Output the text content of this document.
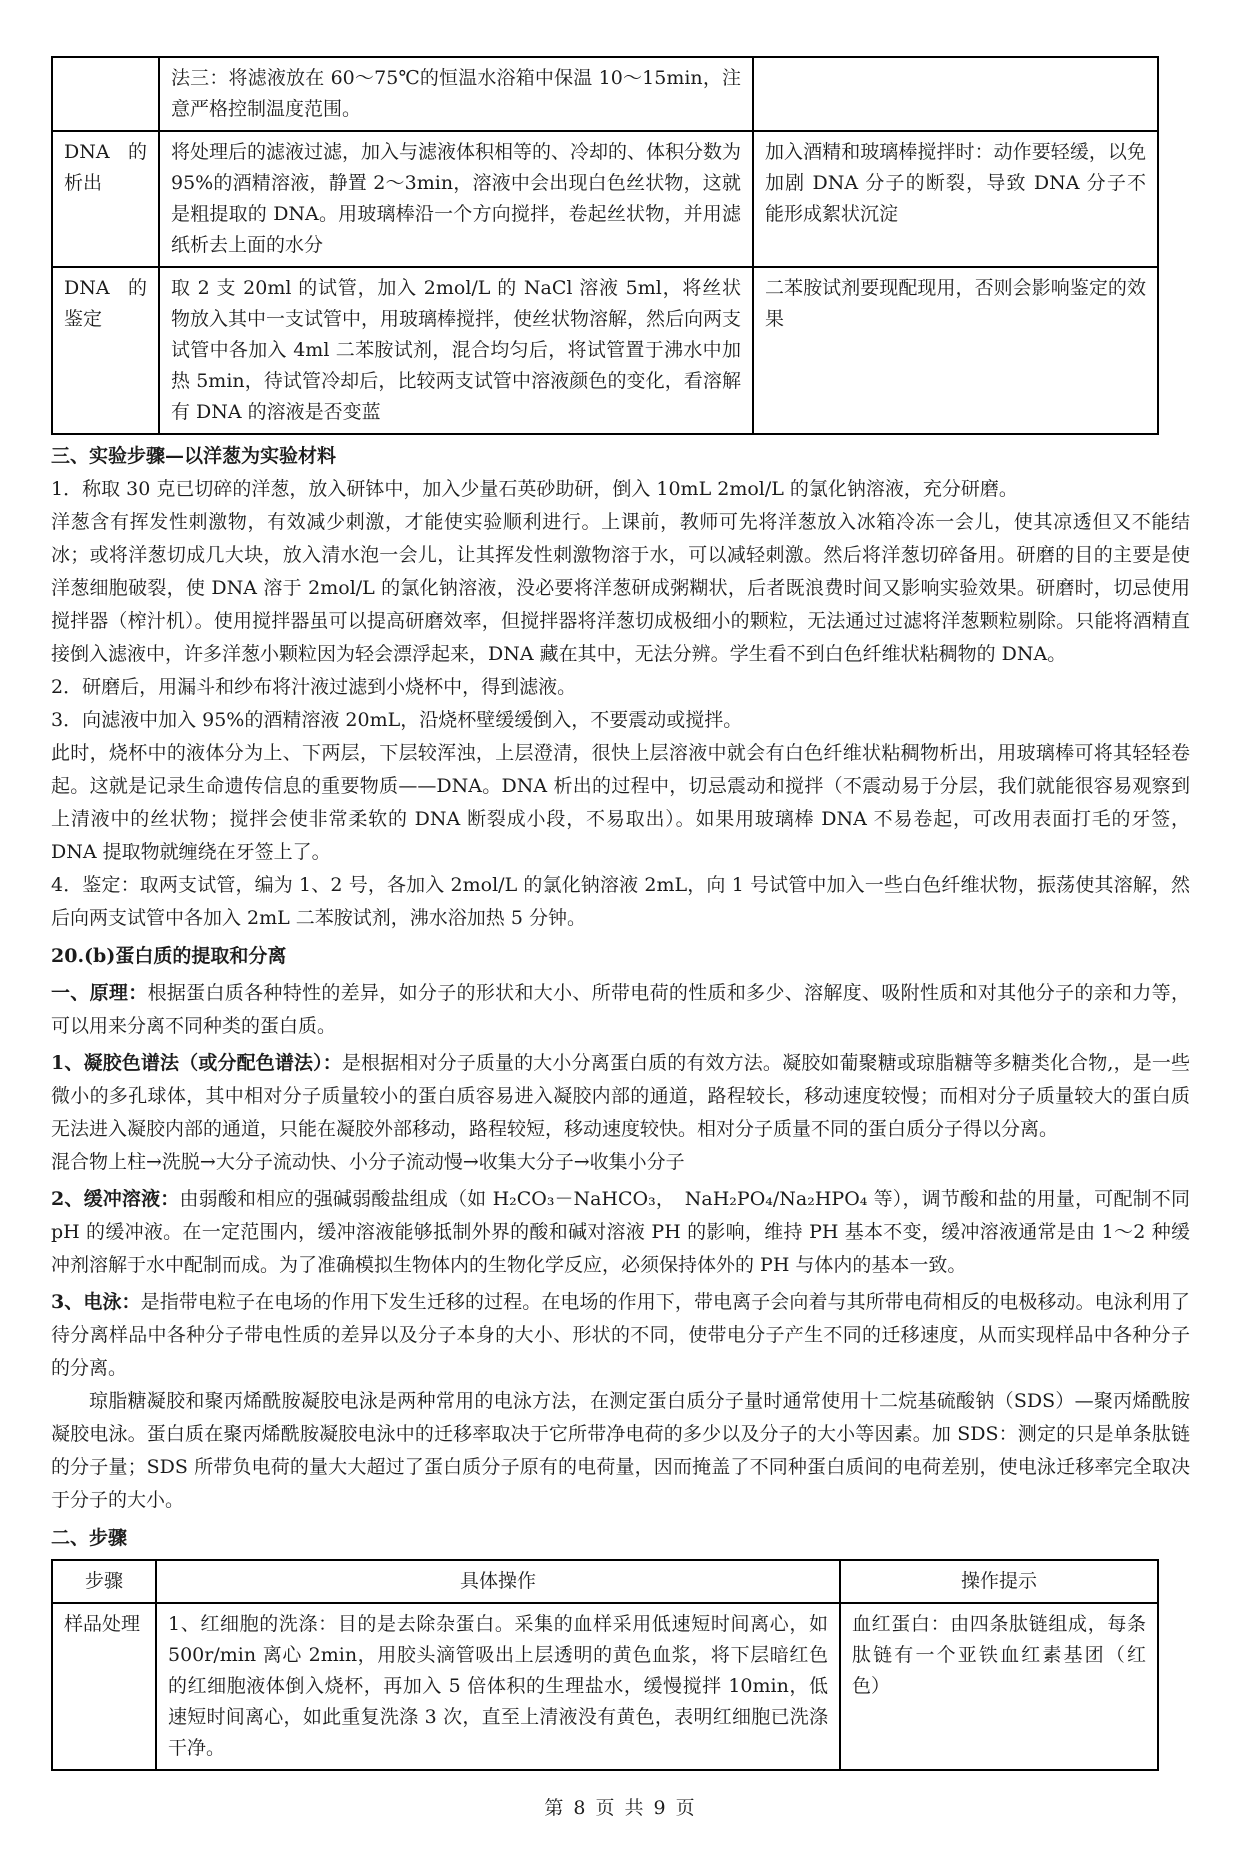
	法三：将滤液放在 60～75℃的恒温水浴箱中保温 10～15min，注意严格控制温度范围。	
DNA 的析出	将处理后的滤液过滤，加入与滤液体积相等的、冷却的、体积分数为 95%的酒精溶液，静置 2～3min，溶液中会出现白色丝状物，这就是粗提取的 DNA。用玻璃棒沿一个方向搅拌，卷起丝状物，并用滤纸析去上面的水分	加入酒精和玻璃棒搅拌时：动作要轻缓，以免加剧 DNA 分子的断裂，导致 DNA 分子不能形成絮状沉淀
DNA 的鉴定	取 2 支 20ml 的试管，加入 2mol/L 的 NaCl 溶液 5ml，将丝状物放入其中一支试管中，用玻璃棒搅拌，使丝状物溶解，然后向两支试管中各加入 4ml 二苯胺试剂，混合均匀后，将试管置于沸水中加热 5min，待试管冷却后，比较两支试管中溶液颜色的变化，看溶解有 DNA 的溶液是否变蓝	二苯胺试剂要现配现用，否则会影响鉴定的效果
三、实验步骤—以洋葱为实验材料

1．称取 30 克已切碎的洋葱，放入研钵中，加入少量石英砂助研，倒入 10mL 2mol/L 的氯化钠溶液，充分研磨。

洋葱含有挥发性刺激物，有效减少刺激，才能使实验顺利进行。上课前，教师可先将洋葱放入冰箱冷冻一会儿，使其凉透但又不能结冰；或将洋葱切成几大块，放入清水泡一会儿，让其挥发性刺激物溶于水，可以减轻刺激。然后将洋葱切碎备用。研磨的目的主要是使洋葱细胞破裂，使 DNA 溶于 2mol/L 的氯化钠溶液，没必要将洋葱研成粥糊状，后者既浪费时间又影响实验效果。研磨时，切忌使用搅拌器（榨汁机）。使用搅拌器虽可以提高研磨效率，但搅拌器将洋葱切成极细小的颗粒，无法通过过滤将洋葱颗粒剔除。只能将酒精直接倒入滤液中，许多洋葱小颗粒因为轻会漂浮起来，DNA 藏在其中，无法分辨。学生看不到白色纤维状粘稠物的 DNA。

2．研磨后，用漏斗和纱布将汁液过滤到小烧杯中，得到滤液。

3．向滤液中加入 95%的酒精溶液 20mL，沿烧杯壁缓缓倒入，不要震动或搅拌。

此时，烧杯中的液体分为上、下两层，下层较浑浊，上层澄清，很快上层溶液中就会有白色纤维状粘稠物析出，用玻璃棒可将其轻轻卷起。这就是记录生命遗传信息的重要物质——DNA。DNA 析出的过程中，切忌震动和搅拌（不震动易于分层，我们就能很容易观察到上清液中的丝状物；搅拌会使非常柔软的 DNA 断裂成小段，不易取出）。如果用玻璃棒 DNA 不易卷起，可改用表面打毛的牙签，DNA 提取物就缠绕在牙签上了。

4．鉴定：取两支试管，编为 1、2 号，各加入 2mol/L 的氯化钠溶液 2mL，向 1 号试管中加入一些白色纤维状物，振荡使其溶解，然后向两支试管中各加入 2mL 二苯胺试剂，沸水浴加热 5 分钟。

20.(b)蛋白质的提取和分离

一、原理：根据蛋白质各种特性的差异，如分子的形状和大小、所带电荷的性质和多少、溶解度、吸附性质和对其他分子的亲和力等，可以用来分离不同种类的蛋白质。

1、凝胶色谱法（或分配色谱法）：是根据相对分子质量的大小分离蛋白质的有效方法。凝胶如葡聚糖或琼脂糖等多糖类化合物,，是一些微小的多孔球体，其中相对分子质量较小的蛋白质容易进入凝胶内部的通道，路程较长，移动速度较慢；而相对分子质量较大的蛋白质无法进入凝胶内部的通道，只能在凝胶外部移动，路程较短，移动速度较快。相对分子质量不同的蛋白质分子得以分离。

混合物上柱→洗脱→大分子流动快、小分子流动慢→收集大分子→收集小分子

2、缓冲溶液：由弱酸和相应的强碱弱酸盐组成（如 H₂CO₃－NaHCO₃，　NaH₂PO₄/Na₂HPO₄ 等），调节酸和盐的用量，可配制不同 pH 的缓冲液。在一定范围内，缓冲溶液能够抵制外界的酸和碱对溶液 PH 的影响，维持 PH 基本不变，缓冲溶液通常是由 1～2 种缓冲剂溶解于水中配制而成。为了准确模拟生物体内的生物化学反应，必须保持体外的 PH 与体内的基本一致。

3、电泳：是指带电粒子在电场的作用下发生迁移的过程。在电场的作用下，带电离子会向着与其所带电荷相反的电极移动。电泳利用了待分离样品中各种分子带电性质的差异以及分子本身的大小、形状的不同，使带电分子产生不同的迁移速度，从而实现样品中各种分子的分离。

琼脂糖凝胶和聚丙烯酰胺凝胶电泳是两种常用的电泳方法，在测定蛋白质分子量时通常使用十二烷基硫酸钠（SDS）—聚丙烯酰胺凝胶电泳。蛋白质在聚丙烯酰胺凝胶电泳中的迁移率取决于它所带净电荷的多少以及分子的大小等因素。加 SDS：测定的只是单条肽链的分子量；SDS 所带负电荷的量大大超过了蛋白质分子原有的电荷量，因而掩盖了不同种蛋白质间的电荷差别，使电泳迁移率完全取决于分子的大小。

二、步骤
步骤	具体操作	操作提示
样品处理	1、红细胞的洗涤：目的是去除杂蛋白。采集的血样采用低速短时间离心，如 500r/min 离心 2min，用胶头滴管吸出上层透明的黄色血浆，将下层暗红色的红细胞液体倒入烧杯，再加入 5 倍体积的生理盐水，缓慢搅拌 10min，低速短时间离心，如此重复洗涤 3 次，直至上清液没有黄色，表明红细胞已洗涤干净。	血红蛋白：由四条肽链组成，每条肽链有一个亚铁血红素基团（红色）
第 8 页 共 9 页
